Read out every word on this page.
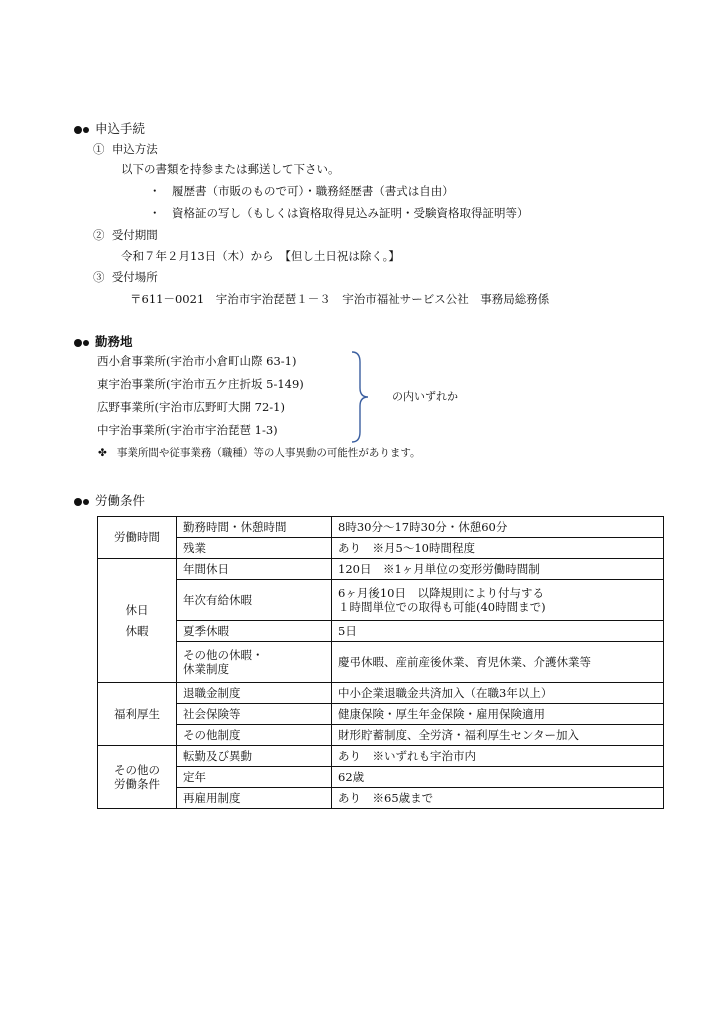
申込手続
① 申込方法
以下の書類を持参または郵送して下さい。
・　履歴書（市販のもので可）・職務経歴書（書式は自由）
・　資格証の写し（もしくは資格取得見込み証明・受験資格取得証明等）
② 受付期間
令和７年２月13日（木）から　【但し土日祝は除く。】
③ 受付場所
〒611－0021　宇治市宇治琵琶１－３　宇治市福祉サービス公社　事務局総務係
勤務地
西小倉事業所(宇治市小倉町山際 63-1)
東宇治事業所(宇治市五ケ庄折坂 5-149)
広野事業所(宇治市広野町大開 72-1)
中宇治事業所(宇治市宇治琵琶 1-3)
の内いずれか
✤ 事業所間や従事業務（職種）等の人事異動の可能性があります。
労働条件
労働時間	勤務時間・休憩時間	8時30分～17時30分・休憩60分
	残業	あり　※月5～10時間程度

休日
休暇	年間休日	120日　※1ヶ月単位の変形労働時間制
	年次有給休暇	6ヶ月後10日　以降規則により付与する
１時間単位での取得も可能(40時間まで)

	夏季休暇	5日

	その他の休暇・
休業制度	慶弔休暇、産前産後休業、育児休業、介護休業等
福利厚生	退職金制度	中小企業退職金共済加入（在職3年以上）
	社会保険等	健康保険・厚生年金保険・雇用保険適用
	その他制度	財形貯蓄制度、全労済・福利厚生センター加入

その他の
労働条件	転勤及び異動	あり　※いずれも宇治市内
	定年	62歳
	再雇用制度	あり　※65歳まで
